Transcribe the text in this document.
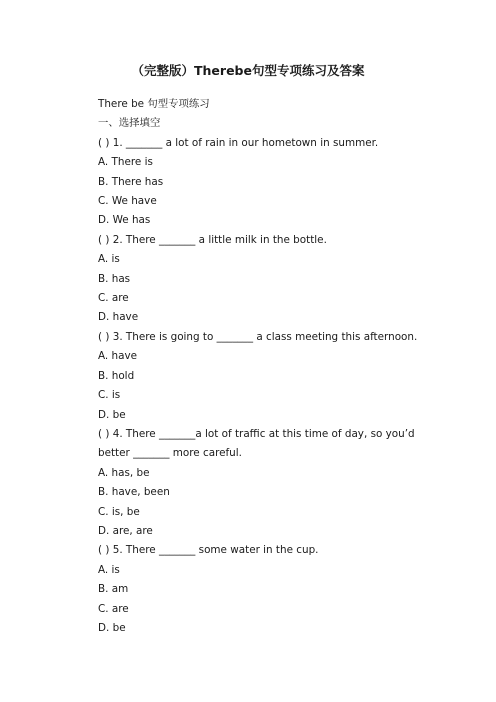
（完整版）Therebe句型专项练习及答案
There be 句型专项练习
一、选择填空
( ) 1. _______ a lot of rain in our hometown in summer.
A. There is
B. There has
C. We have
D. We has
( ) 2. There _______ a little milk in the bottle.
A. is
B. has
C. are
D. have
( ) 3. There is going to _______ a class meeting this afternoon.
A. have
B. hold
C. is
D. be
( ) 4. There _______a lot of traffic at this time of day, so you’d better _______ more careful.
A. has, be
B. have, been
C. is, be
D. are, are
( ) 5. There _______ some water in the cup.
A. is
B. am
C. are
D. be
